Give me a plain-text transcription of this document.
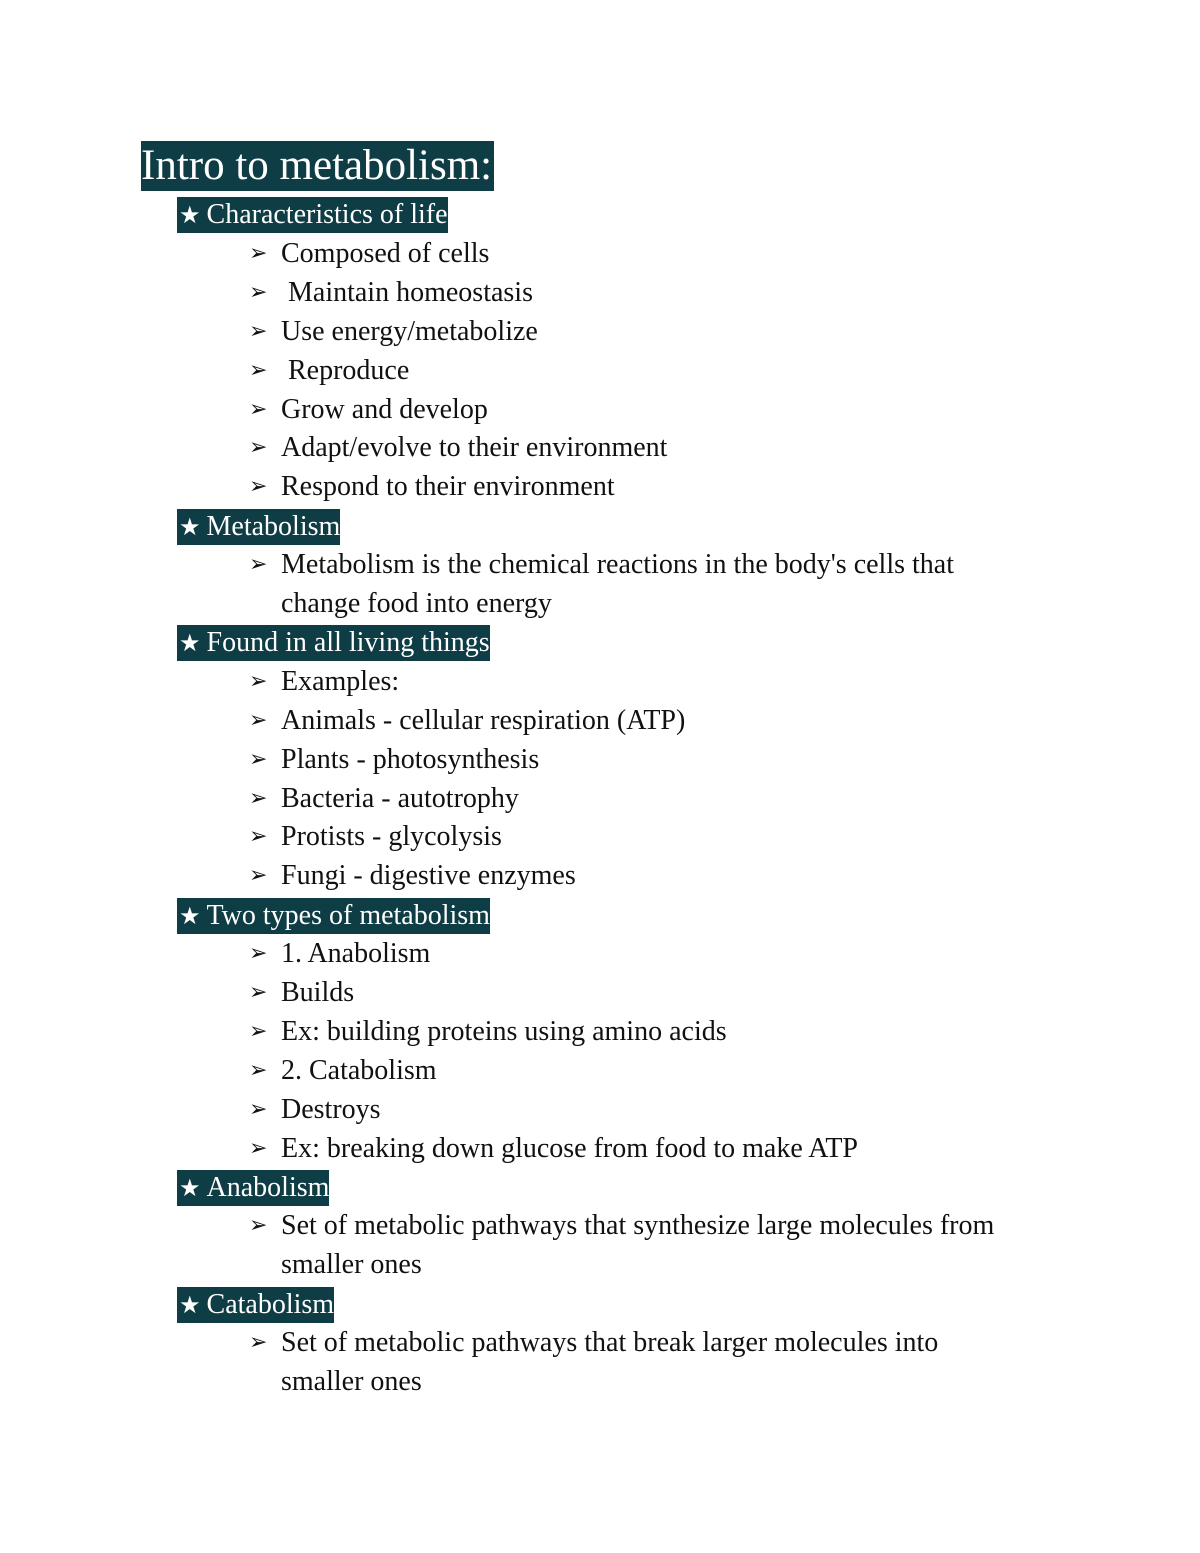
Intro to metabolism:
★ Characteristics of life
➢ Composed of cells
➢ Maintain homeostasis
➢ Use energy/metabolize
➢ Reproduce
➢ Grow and develop
➢ Adapt/evolve to their environment
➢ Respond to their environment
★ Metabolism
➢ Metabolism is the chemical reactions in the body's cells that change food into energy
★ Found in all living things
➢ Examples:
➢ Animals - cellular respiration (ATP)
➢ Plants - photosynthesis
➢ Bacteria - autotrophy
➢ Protists - glycolysis
➢ Fungi - digestive enzymes
★ Two types of metabolism
➢ 1. Anabolism
➢ Builds
➢ Ex: building proteins using amino acids
➢ 2. Catabolism
➢ Destroys
➢ Ex: breaking down glucose from food to make ATP
★ Anabolism
➢ Set of metabolic pathways that synthesize large molecules from smaller ones
★ Catabolism
➢ Set of metabolic pathways that break larger molecules into smaller ones
